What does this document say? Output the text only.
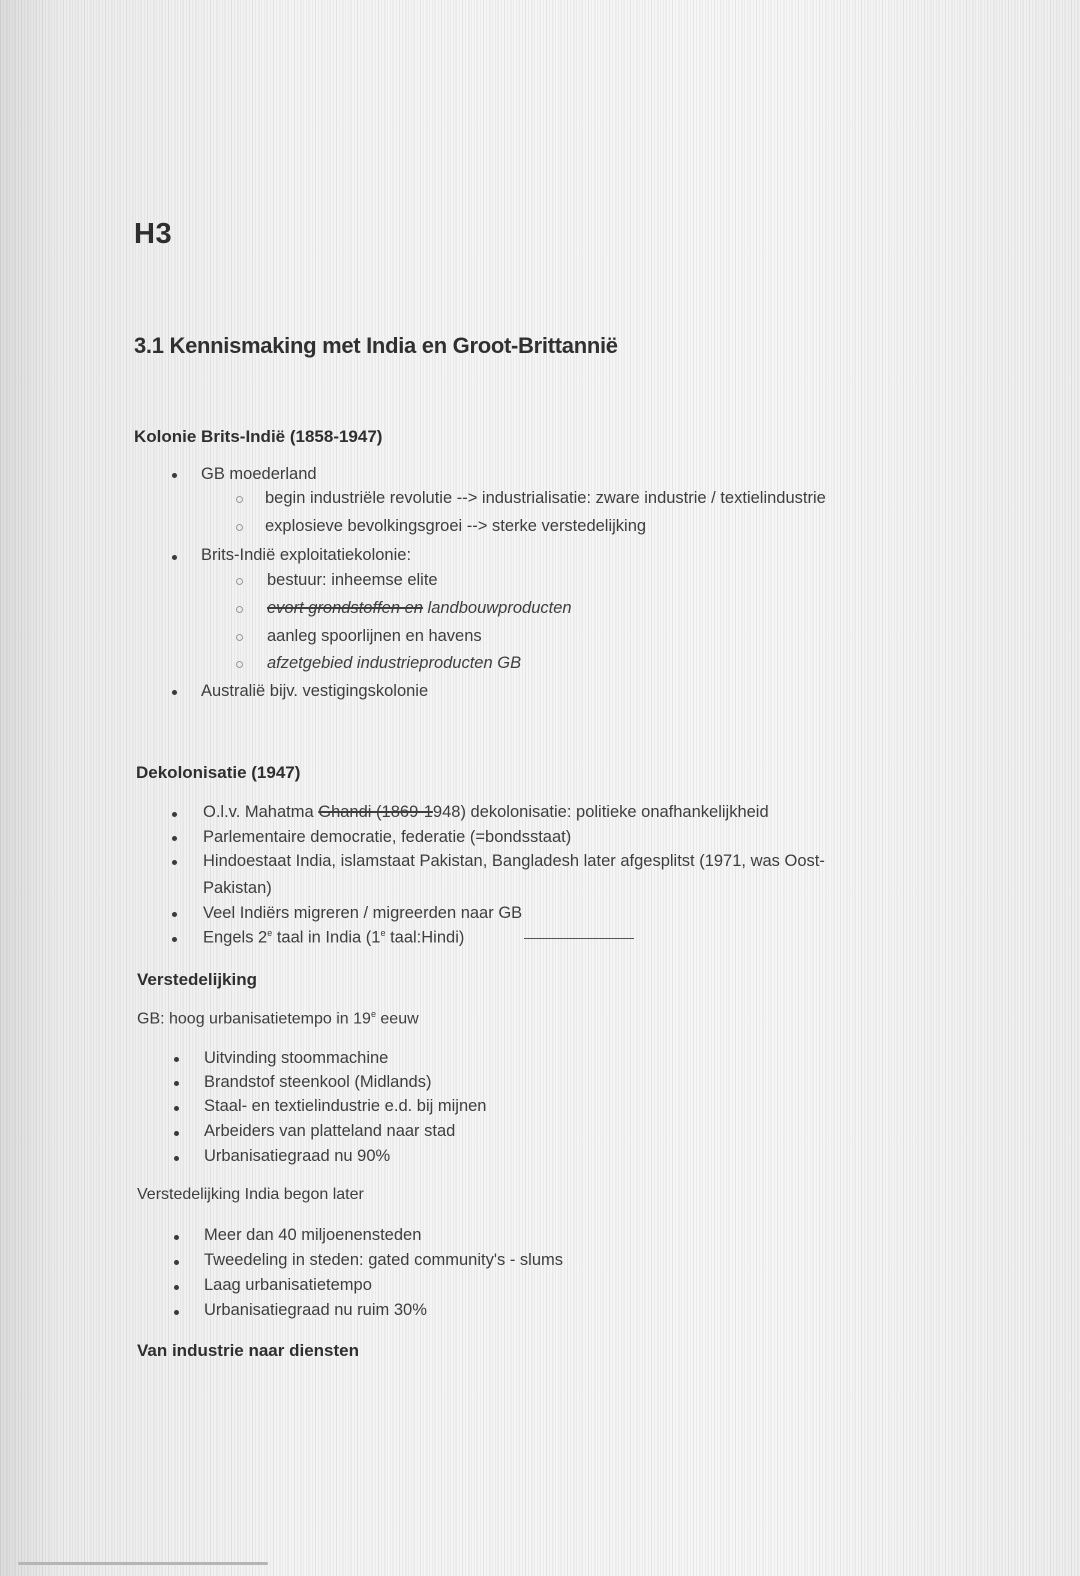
H3
3.1 Kennismaking met India en Groot-Brittannië
Kolonie Brits-Indië (1858-1947)
GB moederland
begin industriële revolutie --> industrialisatie: zware industrie / textielindustrie
explosieve bevolkingsgroei --> sterke verstedelijking
Brits-Indië exploitatiekolonie:
bestuur: inheemse elite
evort grondstoffen en landbouwproducten
aanleg spoorlijnen en havens
afzetgebied industrieproducten GB
Australië bijv. vestigingskolonie
Dekolonisatie (1947)
O.l.v. Mahatma Ghandi (1869-1948) dekolonisatie: politieke onafhankelijkheid
Parlementaire democratie, federatie (=bondsstaat)
Hindoestaat India, islamstaat Pakistan, Bangladesh later afgesplitst (1971, was Oost-
Pakistan)
Veel Indiërs migreren / migreerden naar GB
Engels 2e taal in India (1e taal:Hindi)
Verstedelijking
GB: hoog urbanisatietempo in 19e eeuw
Uitvinding stoommachine
Brandstof steenkool (Midlands)
Staal- en textielindustrie e.d. bij mijnen
Arbeiders van platteland naar stad
Urbanisatiegraad nu 90%
Verstedelijking India begon later
Meer dan 40 miljoenensteden
Tweedeling in steden: gated community's - slums
Laag urbanisatietempo
Urbanisatiegraad nu ruim 30%
Van industrie naar diensten
